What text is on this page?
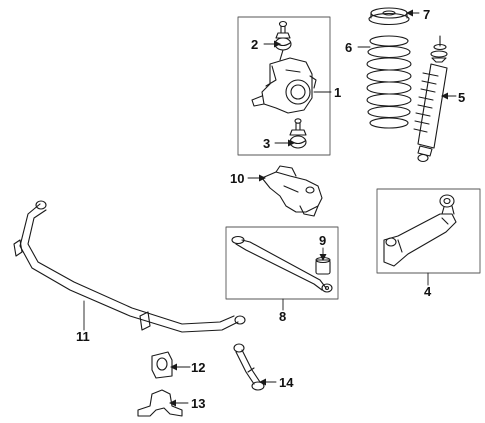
2
3
1
6
7
5
10
4
9
8
11
12
13
14
